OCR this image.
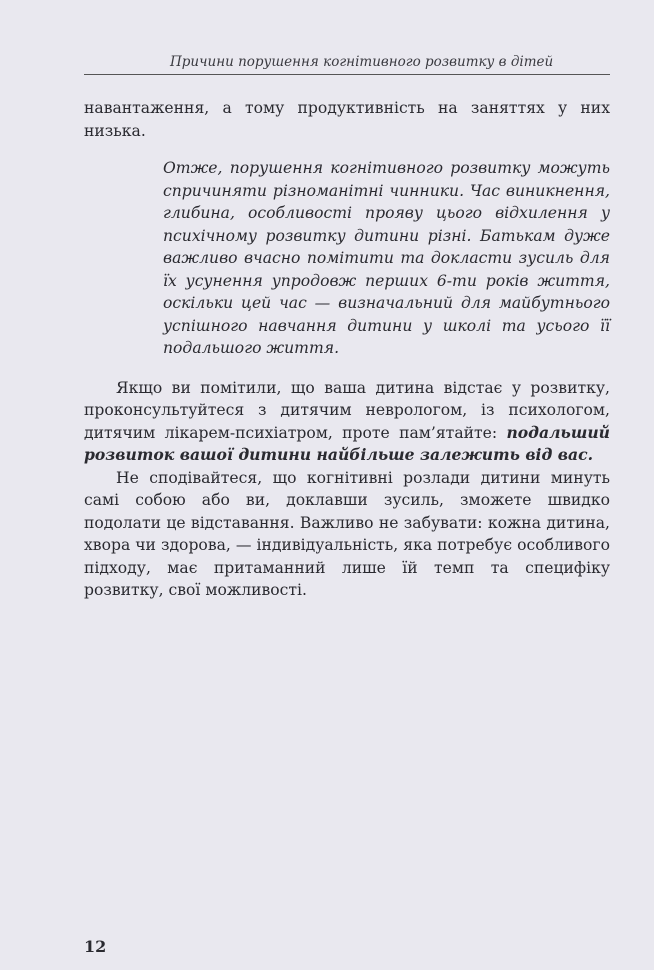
Причини порушення когнітивного розвитку в дітей

навантаження, а тому продуктивність на заняттях у них низька.

Отже, порушення когнітивного розвитку можуть спричиняти різноманітні чинники. Час виникнення, глибина, особливості прояву цього відхилення у психічному розвитку дитини різні. Батькам дуже важливо вчасно помітити та докласти зусиль для їх усунення упродовж перших 6-ти років життя, оскільки цей час — визначальний для майбутнього успішного навчання дитини у школі та усього її подальшого життя.

Якщо ви помітили, що ваша дитина відстає у розвитку, проконсультуйтеся з дитячим неврологом, із психологом, дитячим лікарем-психіатром, проте пам’ятайте: подальший розвиток вашої дитини найбільше залежить від вас.

Не сподівайтеся, що когнітивні розлади дитини минуть самі собою або ви, доклавши зусиль, зможете швидко подолати це відставання. Важливо не забувати: кожна дитина, хвора чи здорова, — індивідуальність, яка потребує особливого підходу, має притаманний лише їй темп та специфіку розвитку, свої можливості.

12
